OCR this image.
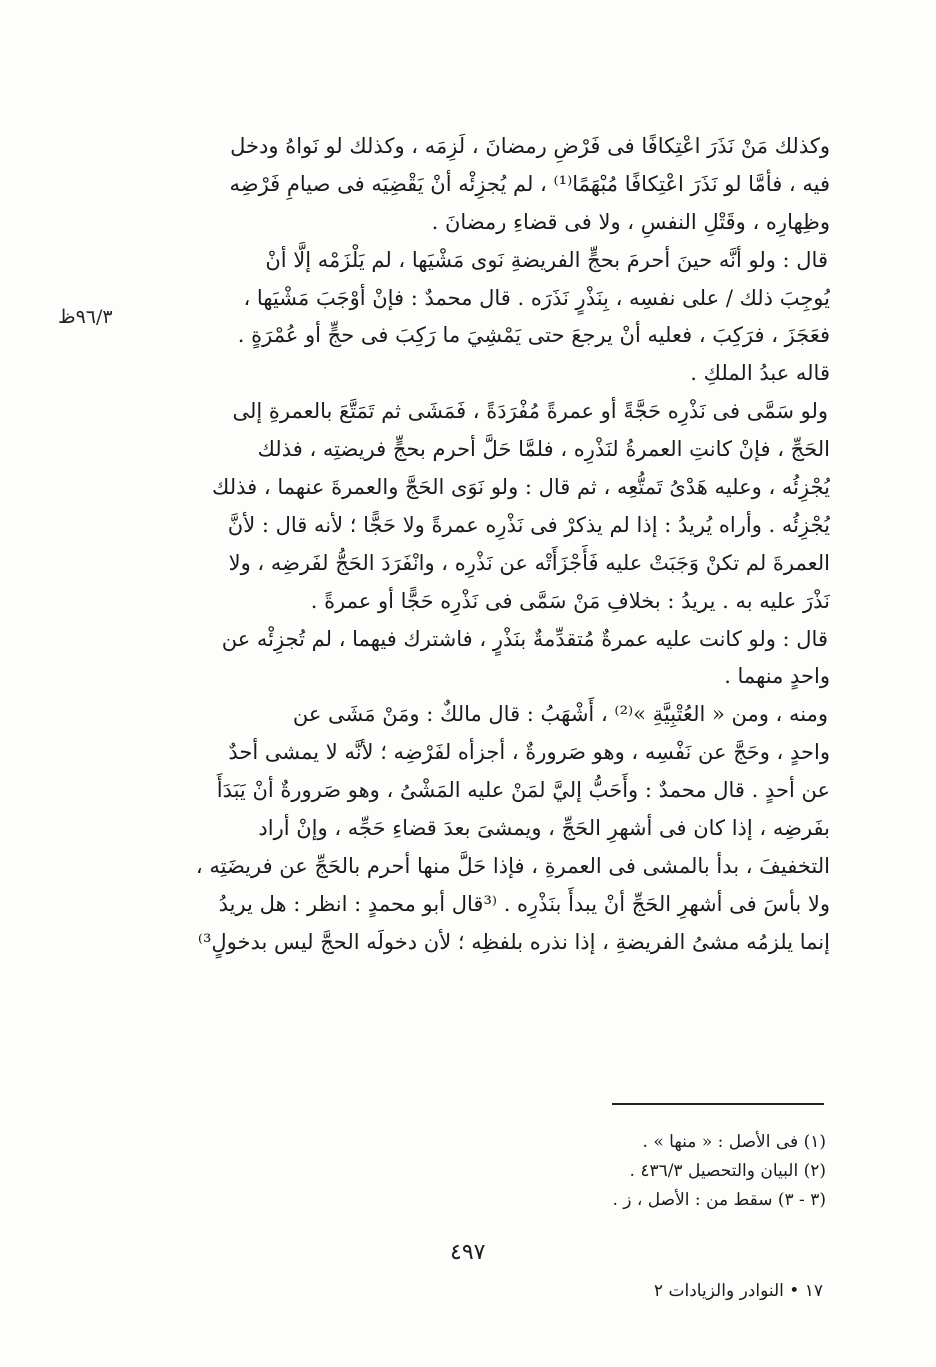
وكذلك مَنْ نَذَرَ اعْتِكافًا فى فَرْضِ رمضانَ ، لَزِمَه ، وكذلك لو نَواهُ ودخل
فيه ، فأمَّا لو نَذَرَ اعْتِكافًا مُبْهَمًا⁽¹⁾ ، لم يُجزِئْه أنْ يَقْضِيَه فى صيامِ فَرْضِه
وظِهارِه ، وقَتْلِ النفسِ ، ولا فى قضاءِ رمضانَ .
قال : ولو أنَّه حينَ أحرمَ بحجٍّ الفريضةِ نَوى مَشْيَها ، لم يَلْزَمْه إلَّا أنْ
يُوجِبَ ذلك / على نفسِه ، بِنَذْرٍ نَذَرَه . قال محمدٌ : فإنْ أوْجَبَ مَشْيَها ،
فعَجَزَ ، فرَكِبَ ، فعليه أنْ يرجعَ حتى يَمْشِيَ ما رَكِبَ فى حجٍّ أو عُمْرَةٍ .
قاله عبدُ الملكِ .
ولو سَمَّى فى نَذْرِه حَجَّةً أو عمرةً مُفْرَدَةً ، فَمَشَى ثم تَمَتَّعَ بالعمرةِ إلى
الحَجِّ ، فإنْ كانتِ العمرةُ لنَذْرِه ، فلمَّا حَلَّ أحرم بحجٍّ فريضتِه ، فذلك
يُجْزِئُه ، وعليه هَدْىُ تَمتُّعِه ، ثم قال : ولو نَوَى الحَجَّ والعمرةَ عنهما ، فذلك
يُجْزِئُه . وأراه يُريدُ : إذا لم يذكرْ فى نَذْرِه عمرةً ولا حَجًّا ؛ لأنه قال : لأنَّ
العمرةَ لم تكنْ وَجَبَتْ عليه فَأَجْزَأَتْه عن نَذْرِه ، وانْفَرَدَ الحَجُّ لفَرضِه ، ولا
نَذْرَ عليه به . يريدُ : بخلافِ مَنْ سَمَّى فى نَذْرِه حَجًّا أو عمرةً .
قال : ولو كانت عليه عمرةٌ مُتقدِّمةٌ بنَذْرٍ ، فاشترك فيهما ، لم تُجزِئْه عن
واحدٍ منهما .
ومنه ، ومن « العُتْبِيَّةِ »⁽²⁾ ، أَشْهَبُ : قال مالكٌ : ومَنْ مَشَى عن
واحدٍ ، وحَجَّ عن نَفْسِه ، وهو صَرورةٌ ، أجزأه لفَرْضِه ؛ لأنَّه لا يمشى أحدٌ
عن أحدٍ . قال محمدٌ : وأَحَبُّ إليَّ لمَنْ عليه المَشْىُ ، وهو صَرورةٌ أنْ يَبَدَأَ
بفَرضِه ، إذا كان فى أشهرِ الحَجِّ ، ويمشىَ بعدَ قضاءِ حَجِّه ، وإنْ أراد
التخفيفَ ، بدأ بالمشى فى العمرةِ ، فإذا حَلَّ منها أحرم بالحَجِّ عن فريضَتِه ،
ولا بأسَ فى أشهرِ الحَجِّ أنْ يبدأَ بنَذْرِه . ⁽³قال أبو محمدٍ : انظر : هل يريدُ
إنما يلزمُه مشىُ الفريضةِ ، إذا نذره بلفظِه ؛ لأن دخولَه الحجَّ ليس بدخولٍ³⁾
٩٦/٣ظ
(١) فى الأصل : « منها » .
(٢) البيان والتحصيل ٤٣٦/٣ .
(٣ - ٣) سقط من : الأصل ، ز .
٤٩٧
١٧ • النوادر والزيادات ٢
